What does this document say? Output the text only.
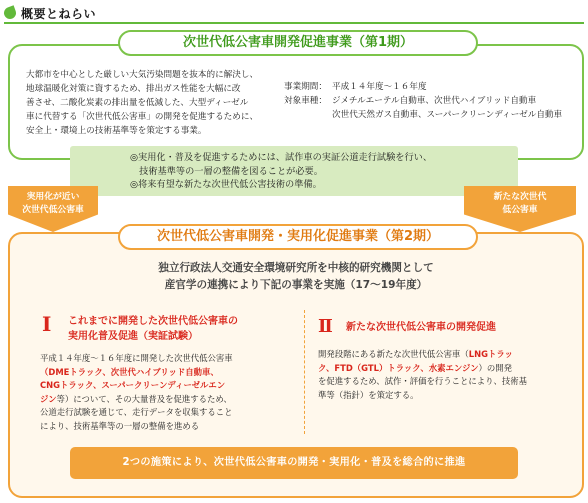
概要とねらい
次世代低公害車開発促進事業（第1期）
大都市を中心とした厳しい大気汚染問題を抜本的に解決し、
地球温暖化対策に資するため、排出ガス性能を大幅に改
善させ、二酸化炭素の排出量を低減した、大型ディーゼル
車に代替する「次世代低公害車」の開発を促進するために、
安全上・環境上の技術基準等を策定する事業。
事業期間： 平成１４年度〜１６年度
対象車種： ジメチルエーテル自動車、次世代ハイブリッド自動車
次世代天然ガス自動車、スーパークリーンディーゼル自動車
◎実用化・普及を促進するためには、試作車の実証公道走行試験を行い、
　技術基準等の一層の整備を図ることが必要。
◎将来有望な新たな次世代低公害技術の準備。
実用化が近い
次世代低公害車
新たな次世代
低公害車
次世代低公害車開発・実用化促進事業（第2期）
独立行政法人交通安全環境研究所を中核的研究機関として
産官学の連携により下記の事業を実施（17〜19年度）
I これまでに開発した次世代低公害車の
実用化普及促進（実証試験）
平成１４年度〜１６年度に開発した次世代低公害車
（DMEトラック、次世代ハイブリッド自動車、
CNGトラック、スーパークリーンディーゼルエン
ジン等）について、その大量普及を促進するため、
公道走行試験を通じて、走行データを収集すること
により、技術基準等の一層の整備を進める
II 新たな次世代低公害車の開発促進
開発段階にある新たな次世代低公害車（LNGトラッ
ク、FTD（GTL）トラック、水素エンジン）の開発
を促進するため、試作・評価を行うことにより、技術基
準等（指針）を策定する。
2つの施策により、次世代低公害車の開発・実用化・普及を総合的に推進
